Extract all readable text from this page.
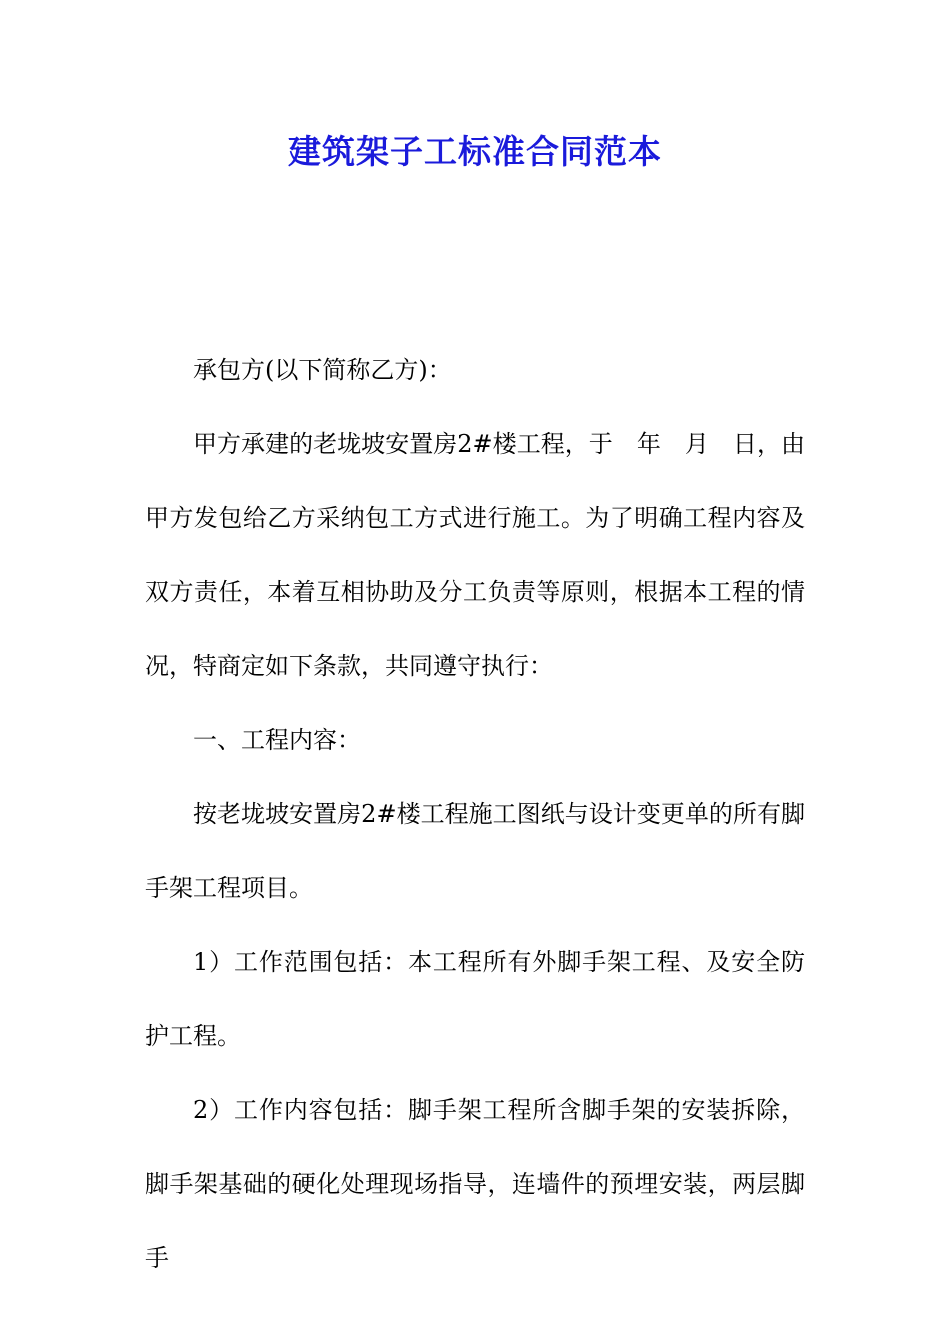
建筑架子工标准合同范本

承包方(以下简称乙方)：

甲方承建的老垅坡安置房2#楼工程，于　年　月　日，由甲方发包给乙方采纳包工方式进行施工。为了明确工程内容及双方责任，本着互相协助及分工负责等原则，根据本工程的情况，特商定如下条款，共同遵守执行：

一、工程内容：

按老垅坡安置房2#楼工程施工图纸与设计变更单的所有脚手架工程项目。

1）工作范围包括：本工程所有外脚手架工程、及安全防护工程。

2）工作内容包括：脚手架工程所含脚手架的安装拆除，脚手架基础的硬化处理现场指导，连墙件的预埋安装，两层脚手
